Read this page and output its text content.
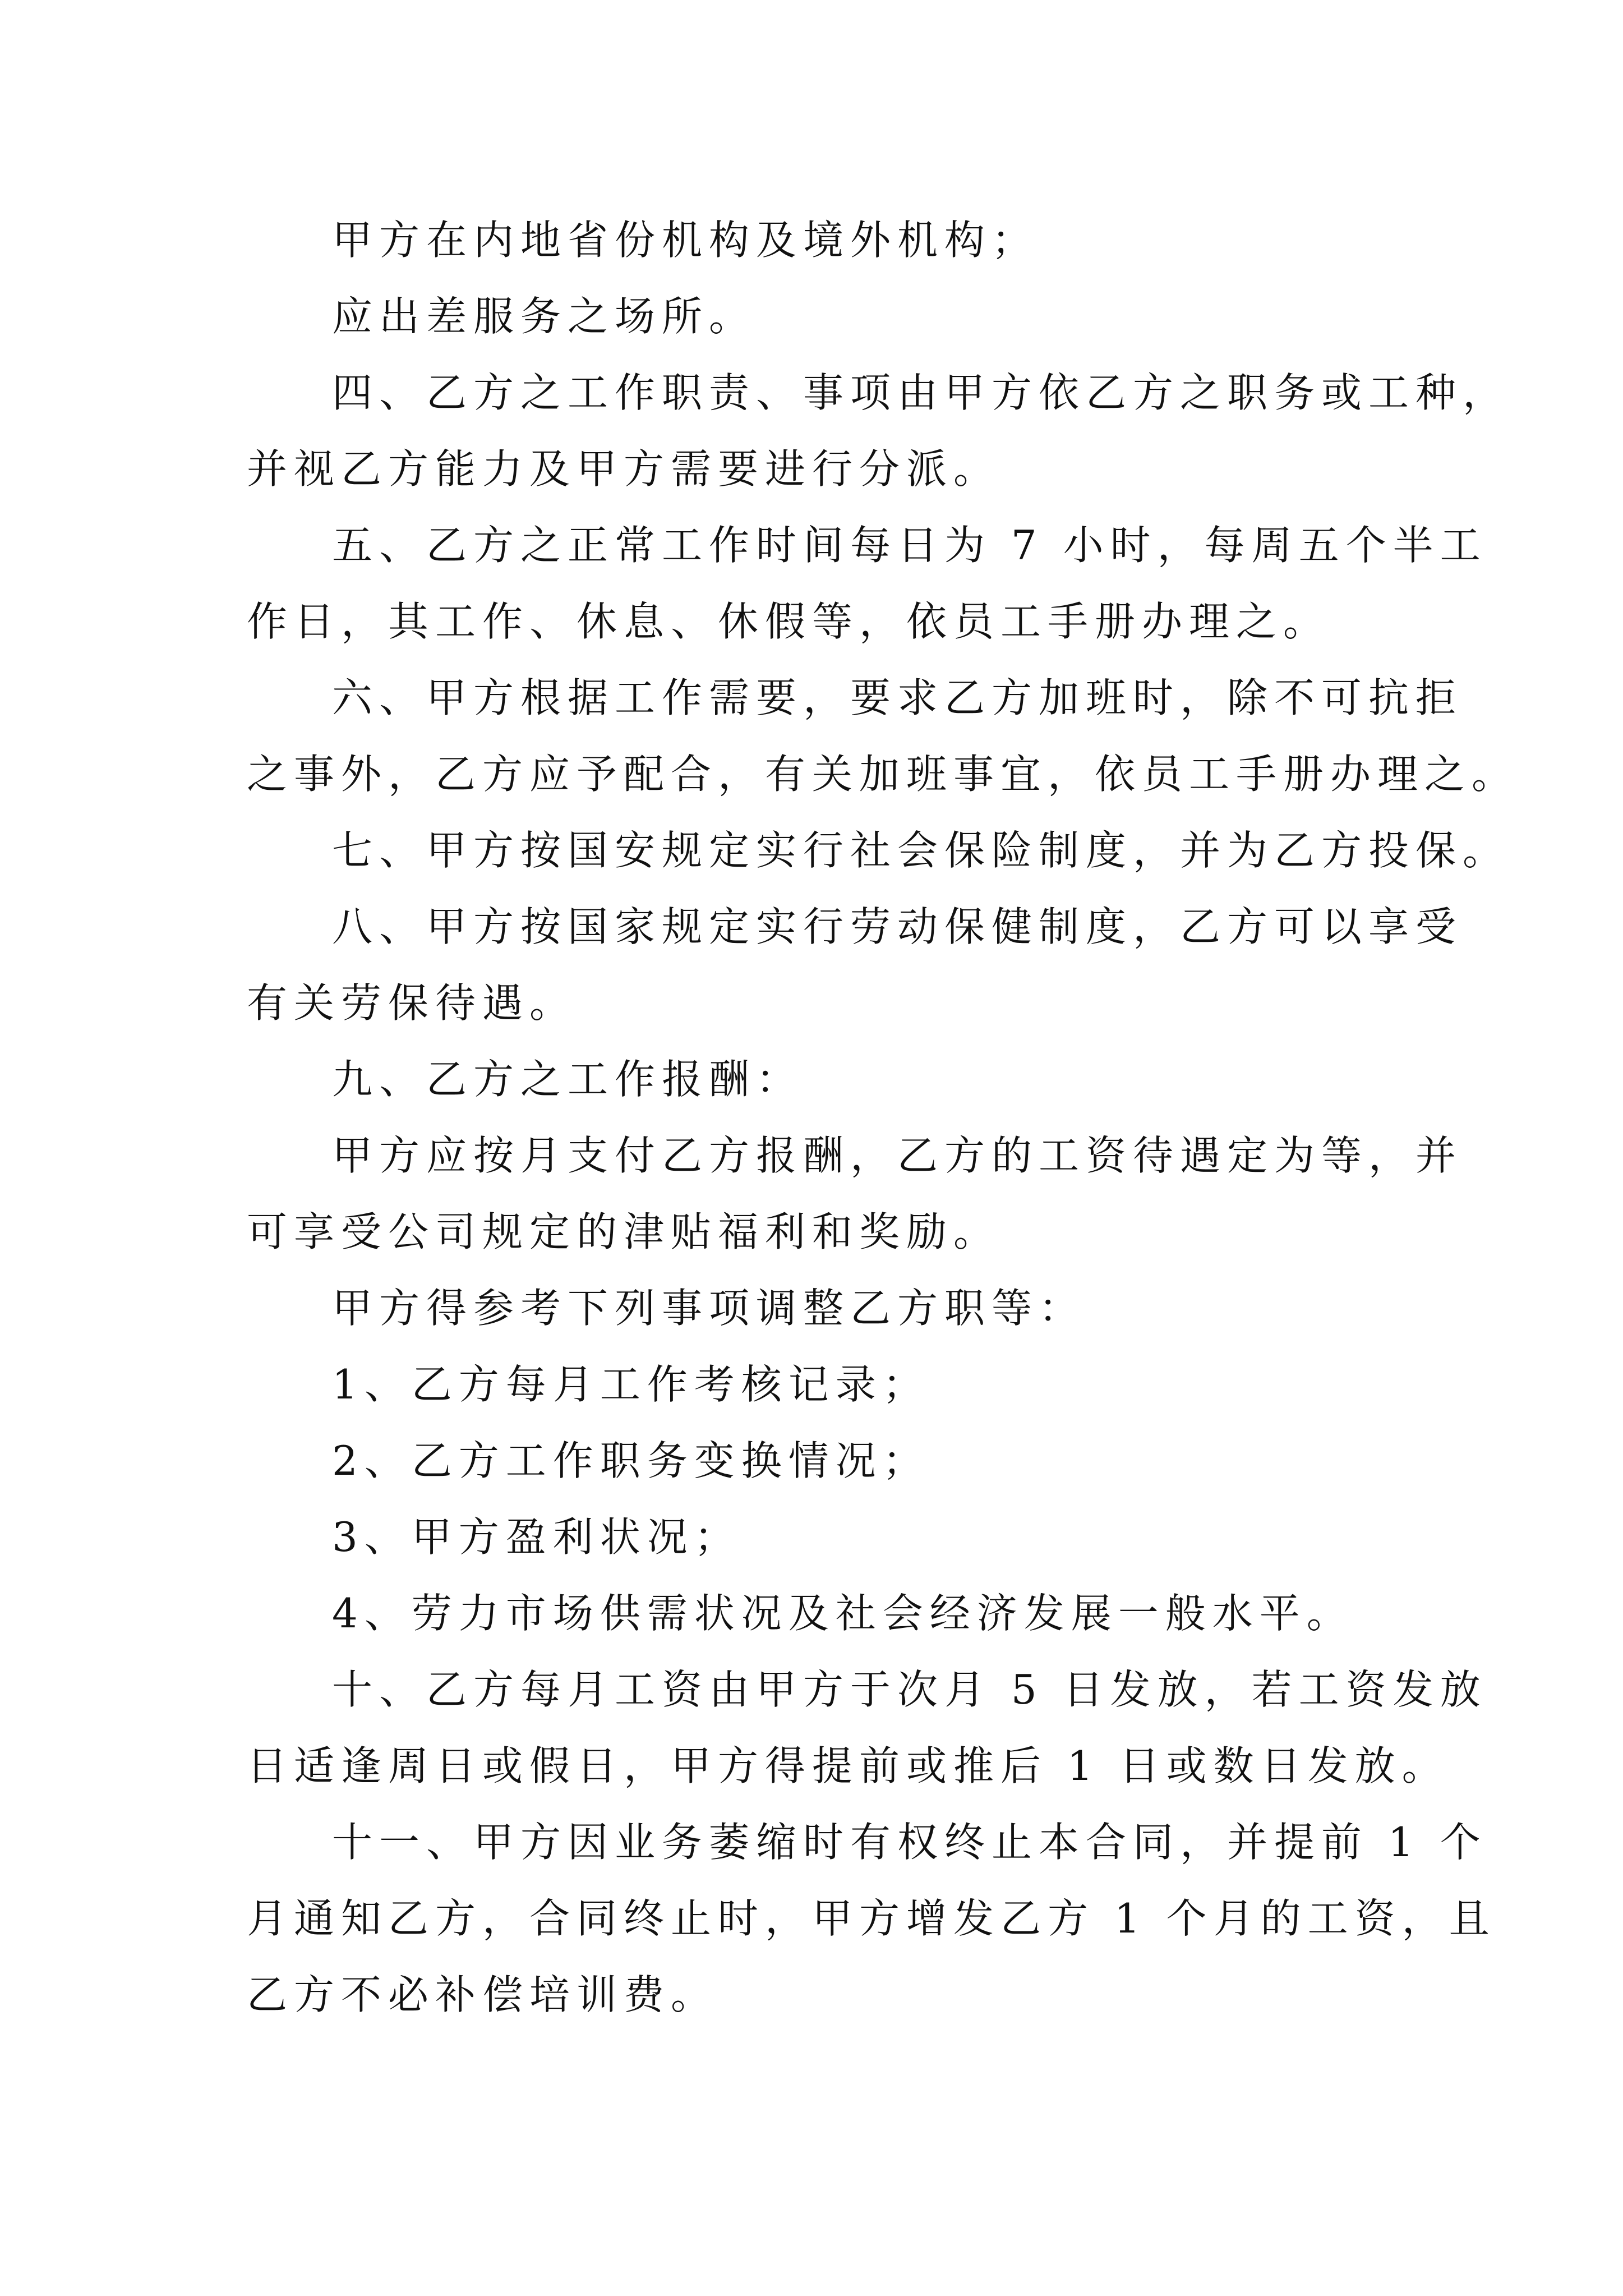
甲方在内地省份机构及境外机构；
应出差服务之场所。
四、乙方之工作职责、事项由甲方依乙方之职务或工种，
并视乙方能力及甲方需要进行分派。
五、乙方之正常工作时间每日为 7 小时，每周五个半工
作日，其工作、休息、休假等，依员工手册办理之。
六、甲方根据工作需要，要求乙方加班时，除不可抗拒
之事外，乙方应予配合，有关加班事宜，依员工手册办理之。
七、甲方按国安规定实行社会保险制度，并为乙方投保。
八、甲方按国家规定实行劳动保健制度，乙方可以享受
有关劳保待遇。
九、乙方之工作报酬：
甲方应按月支付乙方报酬，乙方的工资待遇定为等，并
可享受公司规定的津贴福利和奖励。
甲方得参考下列事项调整乙方职等：
1、乙方每月工作考核记录；
2、乙方工作职务变换情况；
3、甲方盈利状况；
4、劳力市场供需状况及社会经济发展一般水平。
十、乙方每月工资由甲方于次月 5 日发放，若工资发放
日适逢周日或假日，甲方得提前或推后 1 日或数日发放。
十一、甲方因业务萎缩时有权终止本合同，并提前 1 个
月通知乙方，合同终止时，甲方增发乙方 1 个月的工资，且
乙方不必补偿培训费。
